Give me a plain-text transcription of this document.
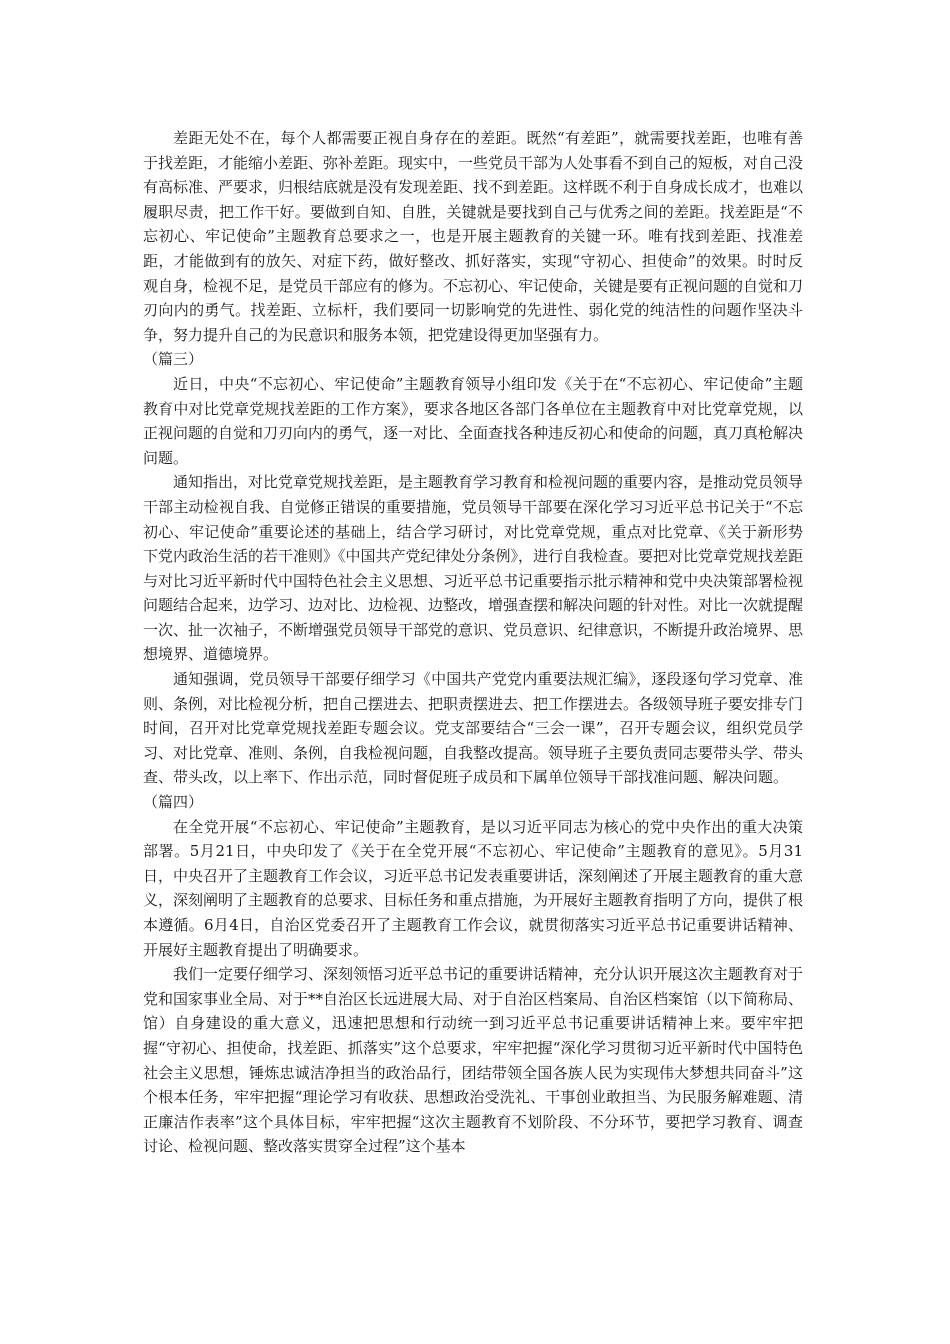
差距无处不在，每个人都需要正视自身存在的差距。既然“有差距”，就需要找差距，也唯有善于找差距，才能缩小差距、弥补差距。现实中，一些党员干部为人处事看不到自己的短板，对自己没有高标准、严要求，归根结底就是没有发现差距、找不到差距。这样既不利于自身成长成才，也难以履职尽责，把工作干好。要做到自知、自胜，关键就是要找到自己与优秀之间的差距。找差距是“不忘初心、牢记使命”主题教育总要求之一，也是开展主题教育的关键一环。唯有找到差距、找准差距，才能做到有的放矢、对症下药，做好整改、抓好落实，实现“守初心、担使命”的效果。时时反观自身，检视不足，是党员干部应有的修为。不忘初心、牢记使命，关键是要有正视问题的自觉和刀刃向内的勇气。找差距、立标杆，我们要同一切影响党的先进性、弱化党的纯洁性的问题作坚决斗争，努力提升自己的为民意识和服务本领，把党建设得更加坚强有力。

（篇三）

近日，中央“不忘初心、牢记使命”主题教育领导小组印发《关于在“不忘初心、牢记使命”主题教育中对比党章党规找差距的工作方案》，要求各地区各部门各单位在主题教育中对比党章党规，以正视问题的自觉和刀刃向内的勇气，逐一对比、全面查找各种违反初心和使命的问题，真刀真枪解决问题。

通知指出，对比党章党规找差距，是主题教育学习教育和检视问题的重要内容，是推动党员领导干部主动检视自我、自觉修正错误的重要措施，党员领导干部要在深化学习习近平总书记关于“不忘初心、牢记使命”重要论述的基础上，结合学习研讨，对比党章党规，重点对比党章、《关于新形势下党内政治生活的若干准则》《中国共产党纪律处分条例》，进行自我检查。要把对比党章党规找差距与对比习近平新时代中国特色社会主义思想、习近平总书记重要指示批示精神和党中央决策部署检视问题结合起来，边学习、边对比、边检视、边整改，增强查摆和解决问题的针对性。对比一次就提醒一次、扯一次袖子，不断增强党员领导干部党的意识、党员意识、纪律意识，不断提升政治境界、思想境界、道德境界。

通知强调，党员领导干部要仔细学习《中国共产党党内重要法规汇编》，逐段逐句学习党章、准则、条例，对比检视分析，把自己摆进去、把职责摆进去、把工作摆进去。各级领导班子要安排专门时间，召开对比党章党规找差距专题会议。党支部要结合“三会一课”，召开专题会议，组织党员学习、对比党章、准则、条例，自我检视问题，自我整改提高。领导班子主要负责同志要带头学、带头查、带头改，以上率下、作出示范，同时督促班子成员和下属单位领导干部找准问题、解决问题。

（篇四）

在全党开展“不忘初心、牢记使命”主题教育，是以习近平同志为核心的党中央作出的重大决策部署。5月21日，中央印发了《关于在全党开展“不忘初心、牢记使命”主题教育的意见》。5月31日，中央召开了主题教育工作会议，习近平总书记发表重要讲话，深刻阐述了开展主题教育的重大意义，深刻阐明了主题教育的总要求、目标任务和重点措施，为开展好主题教育指明了方向，提供了根本遵循。6月4日，自治区党委召开了主题教育工作会议，就贯彻落实习近平总书记重要讲话精神、开展好主题教育提出了明确要求。

我们一定要仔细学习、深刻领悟习近平总书记的重要讲话精神，充分认识开展这次主题教育对于党和国家事业全局、对于**自治区长远进展大局、对于自治区档案局、自治区档案馆（以下简称局、馆）自身建设的重大意义，迅速把思想和行动统一到习近平总书记重要讲话精神上来。要牢牢把握“守初心、担使命，找差距、抓落实”这个总要求，牢牢把握“深化学习贯彻习近平新时代中国特色社会主义思想，锤炼忠诚洁净担当的政治品行，团结带领全国各族人民为实现伟大梦想共同奋斗”这个根本任务，牢牢把握“理论学习有收获、思想政治受洗礼、干事创业敢担当、为民服务解难题、清正廉洁作表率”这个具体目标，牢牢把握“这次主题教育不划阶段、不分环节，要把学习教育、调查讨论、检视问题、整改落实贯穿全过程”这个基本
